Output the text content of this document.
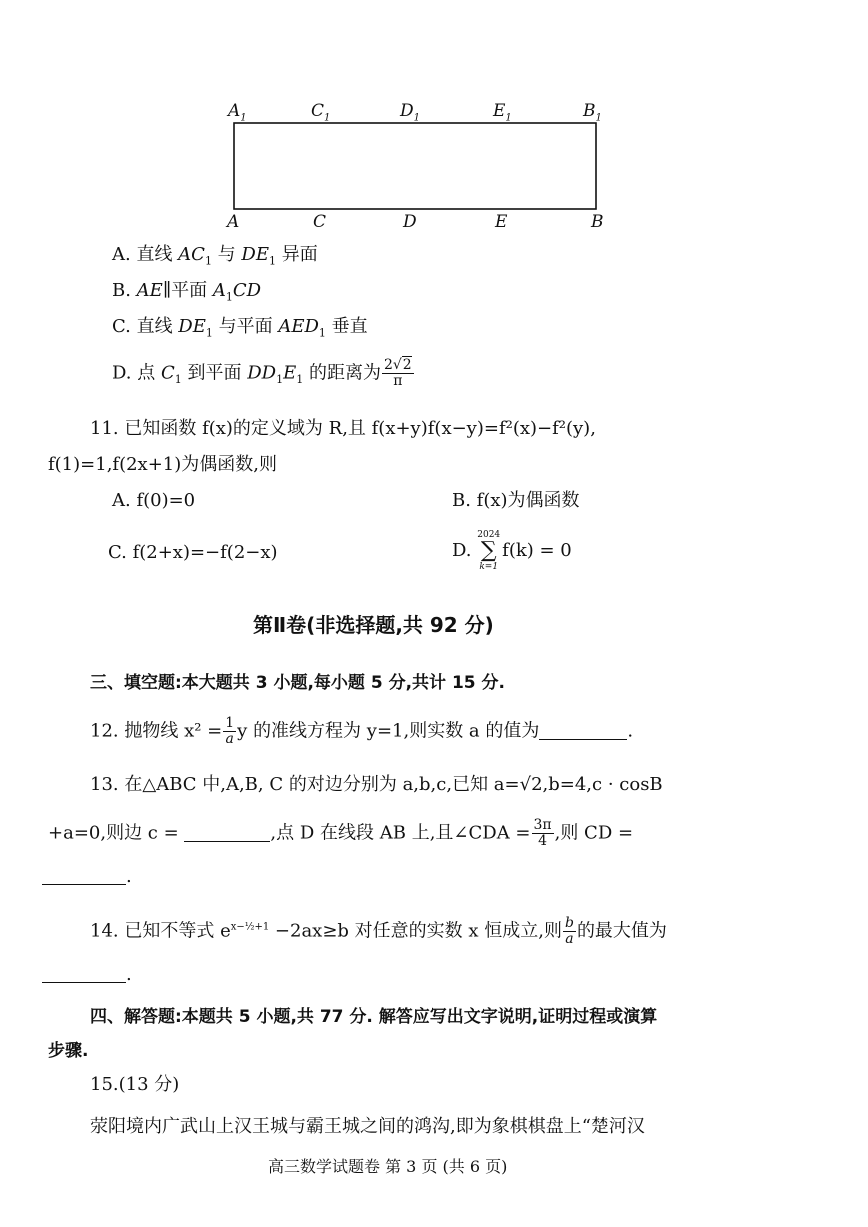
$A_1$	$C_1$	$D_1$	$E_1$	$B_1$
A	C	D	E	B
A. 直线 $AC_1$ 与 $DE_1$ 异面
B. AE∥平面 $A_1CD$
C. 直线 $DE_1$ 与平面 $AED_1$ 垂直
D. 点 $C_1$ 到平面 $DD_1E_1$ 的距离为 $\frac{2√2}{\pi}$
11. 已知函数 f(x)的定义域为 R,且 f(x+y)f(x−y)=f²(x)−f²(y),
f(1)=1,f(2x+1)为偶函数,则
A. f(0)=0	B. f(x)为偶函数
C. f(2+x)=−f(2−x)	D.
2024
∑
k=1
f(k) = 0
第Ⅱ卷(非选择题,共 92 分)
三、填空题:本大题共 3 小题,每小题 5 分,共计 15 分.
12. 抛物线 $x^2 = \frac{1}{a}$ y 的准线方程为 y=1,则实数 a 的值为	.
13. 在△ABC 中,A,B, C 的对边分别为 a,b,c,已知 a=√2,b=4,c · cosB
+a=0,则边 c =	,点 D 在线段 AB 上,且∠CDA = $\frac{3\pi}{4}$ ,则 CD =
.
14. 已知不等式 $e^{x-\frac{1}{2}+1} -2ax\ge b$ 对任意的实数 x 恒成立,则 $\frac{b}{a}$ 的最大值为
.
四、解答题:本题共 5 小题,共 77 分. 解答应写出文字说明,证明过程或演算
步骤.
15.(13 分)
荥阳境内广武山上汉王城与霸王城之间的鸿沟,即为象棋棋盘上“楚河汉
高三数学试题卷 第 3 页 (共 6 页)
